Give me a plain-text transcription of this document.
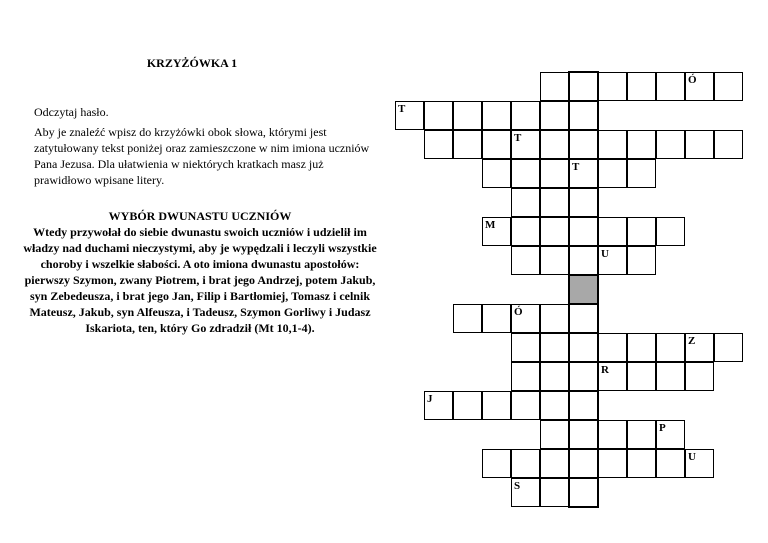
KRZYŻÓWKA 1
Odczytaj hasło.
Aby je znaleźć wpisz do krzyżówki obok słowa, którymi jest zatytułowany tekst poniżej oraz zamieszczone w nim imiona uczniów Pana Jezusa. Dla ułatwienia w niektórych kratkach masz już prawidłowo wpisane litery.
WYBÓR DWUNASTU UCZNIÓW
Wtedy przywołał do siebie dwunastu swoich uczniów i udzielił im władzy nad duchami nieczystymi, aby je wypędzali i leczyli wszystkie choroby i wszelkie słabości. A oto imiona dwunastu apostołów: pierwszy Szymon, zwany Piotrem, i brat jego Andrzej, potem Jakub, syn Zebedeusza, i brat jego Jan, Filip i Bartłomiej, Tomasz i celnik Mateusz, Jakub, syn Alfeusza, i Tadeusz, Szymon Gorliwy i Judasz Iskariota, ten, który Go zdradził (Mt 10,1-4).
Ó
T
T
T
M
U
Ó
Z
R
J
P
U
S
